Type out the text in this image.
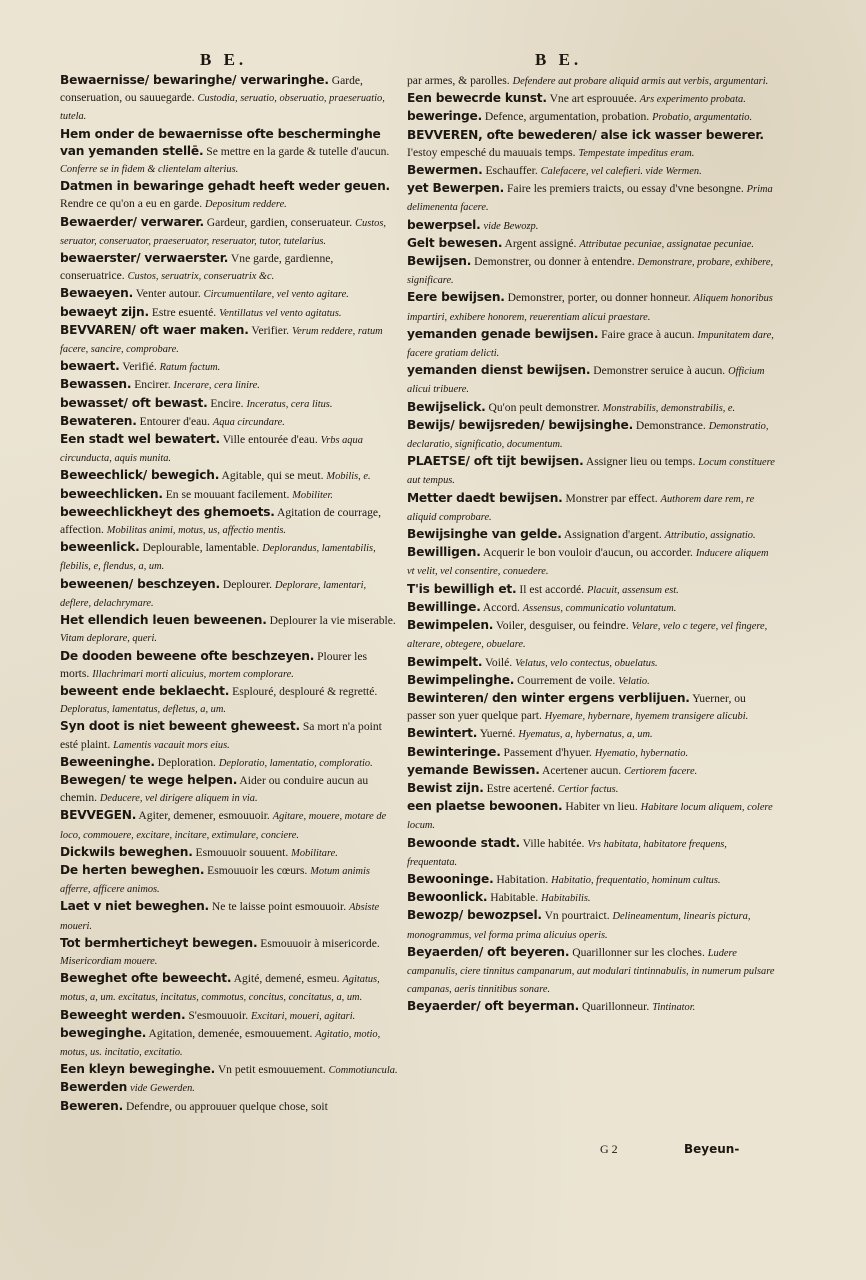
B E.	B E.
Bewaernisse/ bewaringhe/ verwaringhe. Garde, conseruation, ou sauuegarde. Custodia, seruatio, obseruatio, praeseruatio, tutela.
Hem onder de bewaernisse ofte bescherminghe van yemanden stellē. Se mettre en la garde & tutelle d'aucun. Conferre se in fidem & clientelam alterius.
Datmen in bewaringe gehadt heeft weder geuen. Rendre ce qu'on a eu en garde. Depositum reddere.
Bewaerder/ verwarer. Gardeur, gardien, conseruateur. Custos, seruator, conseruator, praeseruator, reseruator, tutor, tutelarius.
bewaerster/ verwaerster. Vne garde, gardienne, conseruatrice. Custos, seruatrix, conseruatrix &c.
Bewaeyen. Venter autour. Circumuentilare, vel vento agitare.
bewaeyt zijn. Estre esuenté. Ventillatus vel vento agitatus.
BEVVAREN/ oft waer maken. Verifier. Verum reddere, ratum facere, sancire, comprobare.
bewaert. Verifié. Ratum factum.
Bewassen. Encirer. Incerare, cera linire.
bewasset/ oft bewast. Encire. Inceratus, cera litus.
Bewateren. Entourer d'eau. Aqua circundare.
Een stadt wel bewatert. Ville entourée d'eau. Vrbs aqua circunducta, aquis munita.
Beweechlick/ bewegich. Agitable, qui se meut. Mobilis, e.
beweechlicken. En se mouuant facilement. Mobiliter.
beweechlickheyt des ghemoets. Agitation de courrage, affection. Mobilitas animi, motus, us, affectio mentis.
beweenlick. Deplourable, lamentable. Deplorandus, lamentabilis, flebilis, e, flendus, a, um.
beweenen/ beschzeyen. Deplourer. Deplorare, lamentari, deflere, delachrymare.
Het ellendich leuen beweenen. Deplourer la vie miserable. Vitam deplorare, queri.
De dooden beweene ofte beschzeyen. Plourer les morts. Illachrimari morti alicuius, mortem complorare.
beweent ende beklaecht. Esplouré, desplouré & regretté. Deploratus, lamentatus, defletus, a, um.
Syn doot is niet beweent gheweest. Sa mort n'a point esté plaint. Lamentis vacauit mors eius.
Beweeninghe. Deploration. Deploratio, lamentatio, comploratio.
Bewegen/ te wege helpen. Aider ou conduire aucun au chemin. Deducere, vel dirigere aliquem in via.
BEVVEGEN. Agiter, demener, esmouuoir. Agitare, mouere, motare de loco, commouere, excitare, incitare, extimulare, conciere.
Dickwils beweghen. Esmouuoir souuent. Mobilitare.
De herten beweghen. Esmouuoir les cœurs. Motum animis afferre, afficere animos.
Laet v niet beweghen. Ne te laisse point esmouuoir. Absiste moueri.
Tot bermherticheyt bewegen. Esmouuoir à misericorde. Misericordiam mouere.
Beweghet ofte beweecht. Agité, demené, esmeu. Agitatus, motus, a, um. excitatus, incitatus, commotus, concitus, concitatus, a, um.
Beweeght werden. S'esmouuoir. Excitari, moueri, agitari.
beweginghe. Agitation, demenée, esmouuement. Agitatio, motio, motus, us. incitatio, excitatio.
Een kleyn beweginghe. Vn petit esmouuement. Commotiuncula.
Bewerden vide Gewerden.
Beweren. Defendre, ou approuuer quelque chose, soit
par armes, & parolles. Defendere aut probare aliquid armis aut verbis, argumentari.
Een bewecrde kunst. Vne art esprouuée. Ars experimento probata.
beweringe. Defence, argumentation, probation. Probatio, argumentatio.
BEVVEREN, ofte bewederen/ alse ick wasser bewerer. I'estoy empesché du mauuais temps. Tempestate impeditus eram.
Bewermen. Eschauffer. Calefacere, vel calefieri. vide Wermen.
yet Bewerpen. Faire les premiers traicts, ou essay d'vne besongne. Prima delimenenta facere.
bewerpsel. vide Bewozp.
Gelt bewesen. Argent assigné. Attributae pecuniae, assignatae pecuniae.
Bewijsen. Demonstrer, ou donner à entendre. Demonstrare, probare, exhibere, significare.
Eere bewijsen. Demonstrer, porter, ou donner honneur. Aliquem honoribus impartiri, exhibere honorem, reuerentiam alicui praestare.
yemanden genade bewijsen. Faire grace à aucun. Impunitatem dare, facere gratiam delicti.
yemanden dienst bewijsen. Demonstrer seruice à aucun. Officium alicui tribuere.
Bewijselick. Qu'on peult demonstrer. Monstrabilis, demonstrabilis, e.
Bewijs/ bewijsreden/ bewijsinghe. Demonstrance. Demonstratio, declaratio, significatio, documentum.
PLAETSE/ oft tijt bewijsen. Assigner lieu ou temps. Locum constituere aut tempus.
Metter daedt bewijsen. Monstrer par effect. Authorem dare rem, re aliquid comprobare.
Bewijsinghe van gelde. Assignation d'argent. Attributio, assignatio.
Bewilligen. Acquerir le bon vouloir d'aucun, ou accorder. Inducere aliquem vt velit, vel consentire, conuedere.
T'is bewilligh et. Il est accordé. Placuit, assensum est.
Bewillinge. Accord. Assensus, communicatio voluntatum.
Bewimpelen. Voiler, desguiser, ou feindre. Velare, velo c tegere, vel fingere, alterare, obtegere, obuelare.
Bewimpelt. Voilé. Velatus, velo contectus, obuelatus.
Bewimpelinghe. Courrement de voile. Velatio.
Bewinteren/ den winter ergens verblijuen. Yuerner, ou passer son yuer quelque part. Hyemare, hybernare, hyemem transigere alicubi.
Bewintert. Yuerné. Hyematus, a, hybernatus, a, um.
Bewinteringe. Passement d'hyuer. Hyematio, hybernatio.
yemande Bewissen. Acertener aucun. Certiorem facere.
Bewist zijn. Estre acertené. Certior factus.
een plaetse bewoonen. Habiter vn lieu. Habitare locum aliquem, colere locum.
Bewoonde stadt. Ville habitée. Vrs habitata, habitatore frequens, frequentata.
Bewooninge. Habitation. Habitatio, frequentatio, hominum cultus.
Bewoonlick. Habitable. Habitabilis.
Bewozp/ bewozpsel. Vn pourtraict. Delineamentum, linearis pictura, monogrammus, vel forma prima alicuius operis.
Beyaerden/ oft beyeren. Quarillonner sur les cloches. Ludere campanulis, ciere tinnitus campanarum, aut modulari tintinnabulis, in numerum pulsare campanas, aeris tinnitibus sonare.
Beyaerder/ oft beyerman. Quarillonneur. Tintinator.
G 2	Beyeun-
